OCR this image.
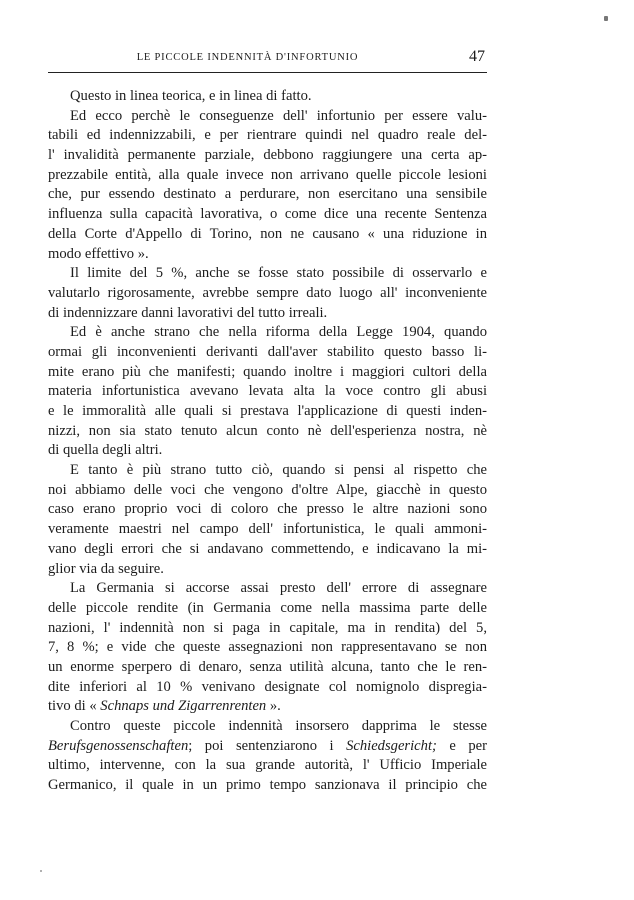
LE PICCOLE INDENNITÀ D'INFORTUNIO	47
Questo in linea teorica, e in linea di fatto.
Ed ecco perchè le conseguenze dell' infortunio per essere valu-
tabili ed indennizzabili, e per rientrare quindi nel quadro reale del-
l' invalidità permanente parziale, debbono raggiungere una certa ap-
prezzabile entità, alla quale invece non arrivano quelle piccole lesioni
che, pur essendo destinato a perdurare, non esercitano una sensibile
influenza sulla capacità lavorativa, o come dice una recente Sentenza
della Corte d'Appello di Torino, non ne causano « una riduzione in
modo effettivo ».
Il limite del 5 %, anche se fosse stato possibile di osservarlo e
valutarlo rigorosamente, avrebbe sempre dato luogo all' inconveniente
di indennizzare danni lavorativi del tutto irreali.
Ed è anche strano che nella riforma della Legge 1904, quando
ormai gli inconvenienti derivanti dall'aver stabilito questo basso li-
mite erano più che manifesti; quando inoltre i maggiori cultori della
materia infortunistica avevano levata alta la voce contro gli abusi
e le immoralità alle quali si prestava l'applicazione di questi inden-
nizzi, non sia stato tenuto alcun conto nè dell'esperienza nostra, nè
di quella degli altri.
E tanto è più strano tutto ciò, quando si pensi al rispetto che
noi abbiamo delle voci che vengono d'oltre Alpe, giacchè in questo
caso erano proprio voci di coloro che presso le altre nazioni sono
veramente maestri nel campo dell' infortunistica, le quali ammoni-
vano degli errori che si andavano commettendo, e indicavano la mi-
glior via da seguire.
La Germania si accorse assai presto dell' errore di assegnare
delle piccole rendite (in Germania come nella massima parte delle
nazioni, l' indennità non si paga in capitale, ma in rendita) del 5,
7, 8 %; e vide che queste assegnazioni non rappresentavano se non
un enorme sperpero di denaro, senza utilità alcuna, tanto che le ren-
dite inferiori al 10 % venivano designate col nomignolo dispregia-
tivo di « Schnaps und Zigarrenrenten ».
Contro queste piccole indennità insorsero dapprima le stesse
Berufsgenossenschaften; poi sentenziarono i Schiedsgericht; e per
ultimo, intervenne, con la sua grande autorità, l' Ufficio Imperiale
Germanico, il quale in un primo tempo sanzionava il principio che
